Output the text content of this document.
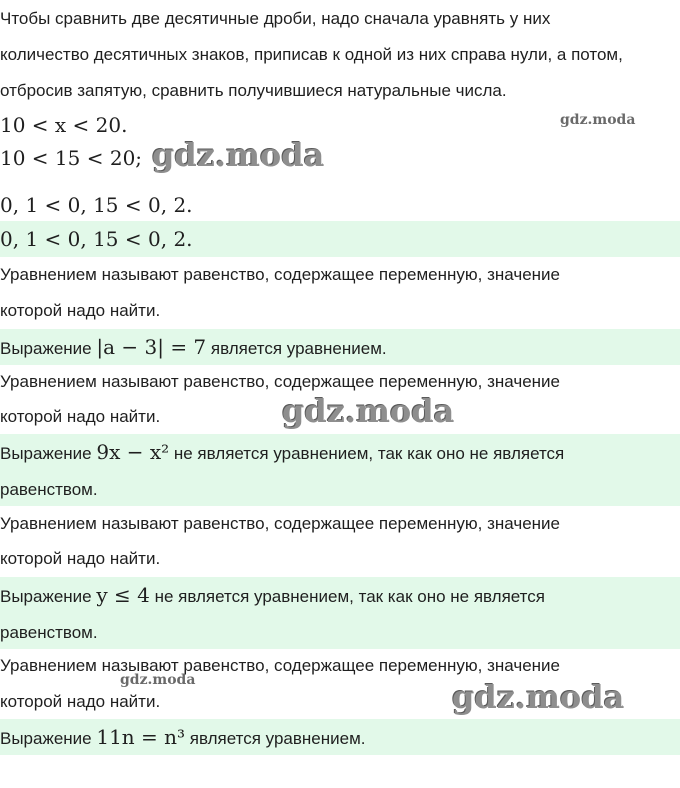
Чтобы сравнить две десятичные дроби, надо сначала уравнять у них
количество десятичных знаков, приписав к одной из них справа нули, а потом,
отбросив запятую, сравнить получившиеся натуральные числа.
10 < x < 20.
10 < 15 < 20;
0, 1 < 0, 15 < 0, 2.
0, 1 < 0, 15 < 0, 2.
Уравнением называют равенство, содержащее переменную, значение
которой надо найти.
Выражение |a − 3| = 7 является уравнением.
Уравнением называют равенство, содержащее переменную, значение
которой надо найти.
Выражение 9x − x² не является уравнением, так как оно не является
равенством.
Уравнением называют равенство, содержащее переменную, значение
которой надо найти.
Выражение y ≤ 4 не является уравнением, так как оно не является
равенством.
Уравнением называют равенство, содержащее переменную, значение
которой надо найти.
Выражение 11n = n³ является уравнением.
gdz.moda
gdz.moda
gdz.moda
gdz.moda	gdz.moda
